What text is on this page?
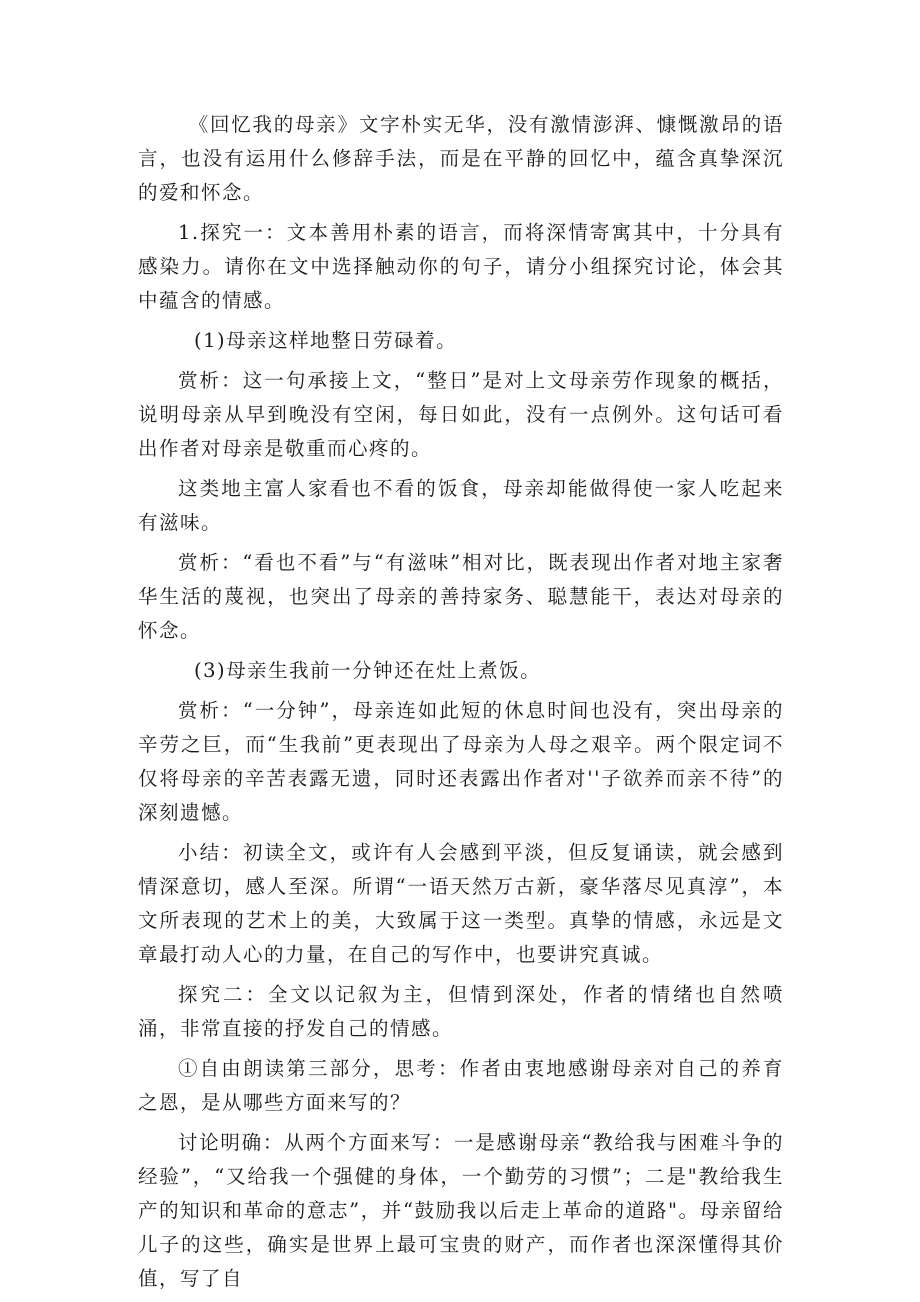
《回忆我的母亲》文字朴实无华，没有激情澎湃、慷慨激昂的语言，也没有运用什么修辞手法，而是在平静的回忆中，蕴含真挚深沉的爱和怀念。

1.探究一：文本善用朴素的语言，而将深情寄寓其中，十分具有感染力。请你在文中选择触动你的句子，请分小组探究讨论，体会其中蕴含的情感。

(1)母亲这样地整日劳碌着。

赏析：这一句承接上文，“整日”是对上文母亲劳作现象的概括，说明母亲从早到晚没有空闲，每日如此，没有一点例外。这句话可看出作者对母亲是敬重而心疼的。

这类地主富人家看也不看的饭食，母亲却能做得使一家人吃起来有滋味。

赏析：“看也不看”与“有滋味”相对比，既表现出作者对地主家奢华生活的蔑视，也突出了母亲的善持家务、聪慧能干，表达对母亲的怀念。

(3)母亲生我前一分钟还在灶上煮饭。

赏析：“一分钟”，母亲连如此短的休息时间也没有，突出母亲的辛劳之巨，而“生我前”更表现出了母亲为人母之艰辛。两个限定词不仅将母亲的辛苦表露无遗，同时还表露出作者对''子欲养而亲不待”的深刻遗憾。

小结：初读全文，或许有人会感到平淡，但反复诵读，就会感到情深意切，感人至深。所谓“一语天然万古新，豪华落尽见真淳”，本文所表现的艺术上的美，大致属于这一类型。真挚的情感，永远是文章最打动人心的力量，在自己的写作中，也要讲究真诚。

探究二：全文以记叙为主，但情到深处，作者的情绪也自然喷涌，非常直接的抒发自己的情感。

①自由朗读第三部分，思考：作者由衷地感谢母亲对自己的养育之恩，是从哪些方面来写的？

讨论明确：从两个方面来写：一是感谢母亲“教给我与困难斗争的经验”，“又给我一个强健的身体，一个勤劳的习惯”；二是"教给我生产的知识和革命的意志”，并“鼓励我以后走上革命的道路"。母亲留给儿子的这些，确实是世界上最可宝贵的财产，而作者也深深懂得其价值，写了自
